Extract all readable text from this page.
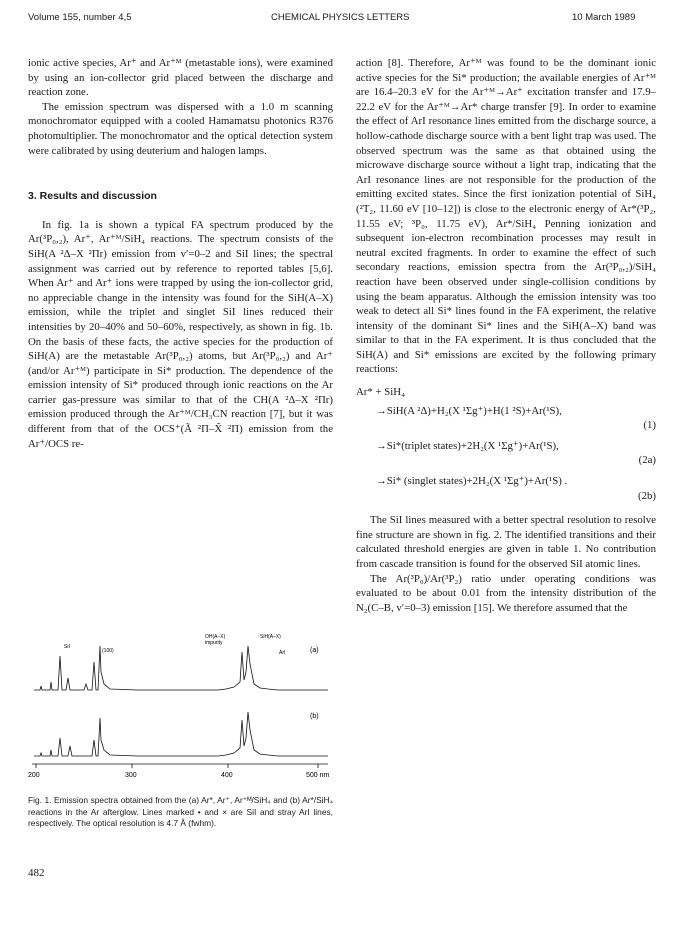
Volume 155, number 4,5	CHEMICAL PHYSICS LETTERS	10 March 1989

ionic active species, Ar⁺ and Ar⁺ᴹ (metastable ions), were examined by using an ion-collector grid placed between the discharge and reaction zone.

The emission spectrum was dispersed with a 1.0 m scanning monochromator equipped with a cooled Hamamatsu photonics R376 photomultiplier. The monochromator and the optical detection system were calibrated by using deuterium and halogen lamps.

3. Results and discussion

In fig. 1a is shown a typical FA spectrum produced by the Ar(³P₀,₂), Ar⁺, Ar⁺ᴹ/SiH₄ reactions. The spectrum consists of the SiH(A ²Δ–X ²Πr) emission from v′=0–2 and SiI lines; the spectral assignment was carried out by reference to reported tables [5,6]. When Ar⁺ and Ar⁺ ions were trapped by using the ion-collector grid, no appreciable change in the intensity was found for the SiH(A–X) emission, while the triplet and singlet SiI lines reduced their intensities by 20–40% and 50–60%, respectively, as shown in fig. 1b. On the basis of these facts, the active species for the production of SiH(A) are the metastable Ar(³P₀,₂) atoms, but Ar(³P₀,₂) and Ar⁺ (and/or Ar⁺ᴹ) participate in Si* production. The dependence of the emission intensity of Si* produced through ionic reactions on the Ar carrier gas-pressure was similar to that of the CH(A ²Δ–X ²Πr) emission produced through the Ar⁺ᴹ/CH₃CN reaction [7], but it was different from that of the OCS⁺(Ã ²Π–X̃ ²Π) emission from the Ar⁺/OCS re-

OH(A–X)
impurity
SiH(A–X)
SiI
(100)	ArI	(a)
(b)
200	300	400	500 nm
Fig. 1. Emission spectra obtained from the (a) Ar*, Ar⁺, Ar⁺ᴹ/SiH₄ and (b) Ar*/SiH₄ reactions in the Ar afterglow. Lines marked • and × are SiI and stray ArI lines, respectively. The optical resolution is 4.7 Å (fwhm).
482

action [8]. Therefore, Ar⁺ᴹ was found to be the dominant ionic active species for the Si* production; the available energies of Ar⁺ᴹ are 16.4–20.3 eV for the Ar⁺ᴹ→Ar⁺ excitation transfer and 17.9–22.2 eV for the Ar⁺ᴹ→Ar* charge transfer [9]. In order to examine the effect of ArI resonance lines emitted from the discharge source, a hollow-cathode discharge source with a bent light trap was used. The observed spectrum was the same as that obtained using the microwave discharge source without a light trap, indicating that the ArI resonance lines are not responsible for the production of the emitting excited states. Since the first ionization potential of SiH₄ (²T₂, 11.60 eV [10–12]) is close to the electronic energy of Ar*(³P₂, 11.55 eV; ³P₀, 11.75 eV), Ar*/SiH₄ Penning ionization and subsequent ion-electron recombination processes may result in neutral excited fragments. In order to examine the effect of such secondary reactions, emission spectra from the Ar(³P₀,₂)/SiH₄ reaction have been observed under single-collision conditions by using the beam apparatus. Although the emission intensity was too weak to detect all Si* lines found in the FA experiment, the relative intensity of the dominant Si* lines and the SiH(A–X) band was similar to that in the FA experiment. It is thus concluded that the SiH(A) and Si* emissions are excited by the following primary reactions:

Ar* + SiH₄

→SiH(A ²Δ)+H₂(X ¹Σg⁺)+H(1 ²S)+Ar(¹S),
(1)
→Si*(triplet states)+2H₂(X ¹Σg⁺)+Ar(¹S),
(2a)
→Si* (singlet states)+2H₂(X ¹Σg⁺)+Ar(¹S) .
(2b)

The SiI lines measured with a better spectral resolution to resolve fine structure are shown in fig. 2. The identified transitions and their calculated threshold energies are given in table 1. No contribution from cascade transition is found for the observed SiI atomic lines.

The Ar(³P₀)/Ar(³P₂) ratio under operating conditions was evaluated to be about 0.01 from the intensity distribution of the N₂(C–B, v′=0–3) emission [15]. We therefore assumed that the
